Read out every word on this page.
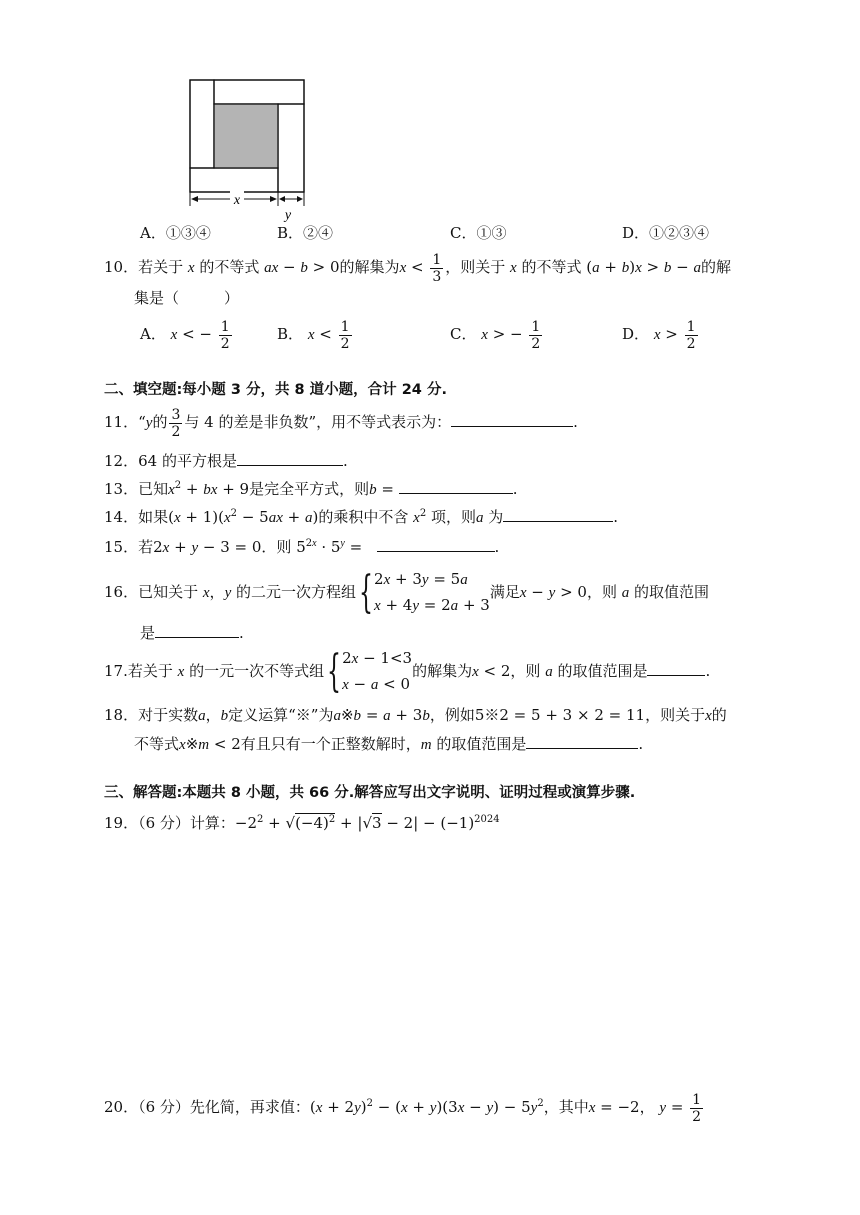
x
y
A．①③④	B．②④	C．①③	D．①②③④
10．若关于 x 的不等式 ax − b > 0的解集为$x < \frac{1}{3}$ ，则关于 x 的不等式 (a + b)x > b − a的解
集是（　　　）
A． x < − $\frac{1}{2}$	B． $x < \frac{1}{2}$	C． x > − $\frac{1}{2}$	D． $x > \frac{1}{2}$
二、填空题:每小题 3 分，共 8 道小题，合计 24 分.
11．“y的 $\frac{3}{2}$ 与 4 的差是非负数”，用不等式表示为：	.
12．64 的平方根是	.
13．已知$x^2$ + bx + 9是完全平方式，则b =	.
14．如果$(x + 1)(x^2 - 5ax + a)$的乘积中不含 $x^2$ 项，则a 为	.
15．若2x + y − 3 = 0．则 $5^{2x} \cdot 5^y$ =	.
16．已知关于 x，y 的二元一次方程组{ 2x + 3y = 5a
x + 4y = 2a + 3
满足x − y > 0，则 a 的取值范围
是	.
17.若关于 x 的一元一次不等式组{ 2x − 1<3
x − a < 0
的解集为x < 2，则 a 的取值范围是	.
18．对于实数a，b定义运算“※”为a※b = a + 3b，例如5※2 = 5 + 3 × 2 = 11，则关于x的
不等式x※m < 2有且只有一个正整数解时，m 的取值范围是	.
三、解答题:本题共 8 小题，共 66 分.解答应写出文字说明、证明过程或演算步骤.
19．（6 分）计算：$-2^2 + √(-4)^2 + |√3 - 2| - (-1)^{2024}$
20．（6 分）先化简，再求值：$(x + 2y)^2 - (x + y)(3x - y) - 5y^2$，其中x = −2， $y = \frac{1}{2}$
